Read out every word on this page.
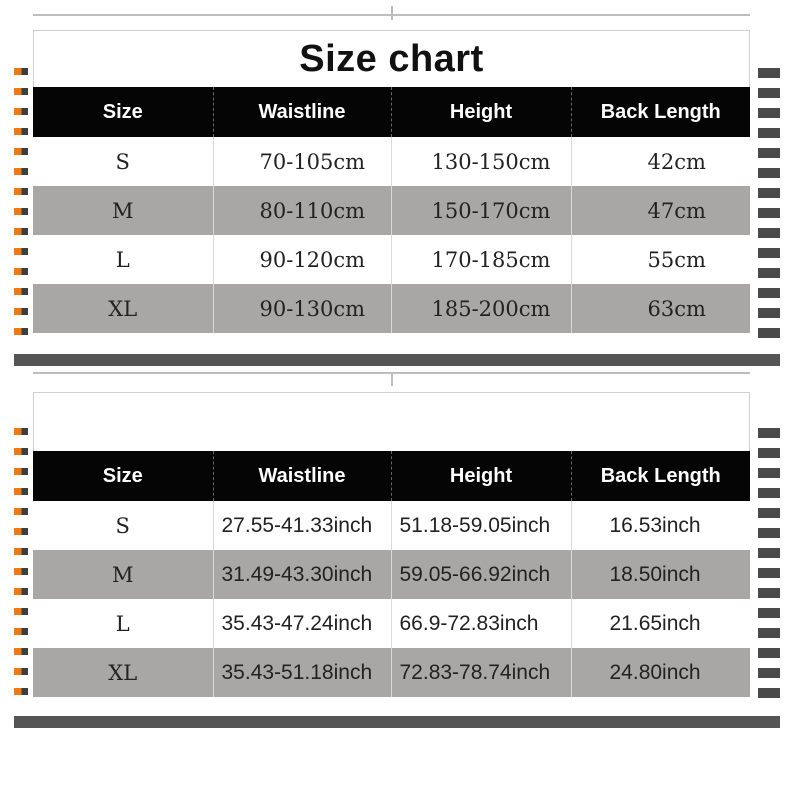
Size chart
Size	Waistline	Height	Back Length
S	70-105cm	130-150cm	42cm
M	80-110cm	150-170cm	47cm
L	90-120cm	170-185cm	55cm
XL	90-130cm	185-200cm	63cm
Size	Waistline	Height	Back Length
S	27.55-41.33inch	51.18-59.05inch	16.53inch
M	31.49-43.30inch	59.05-66.92inch	18.50inch
L	35.43-47.24inch	66.9-72.83inch	21.65inch
XL	35.43-51.18inch	72.83-78.74inch	24.80inch
